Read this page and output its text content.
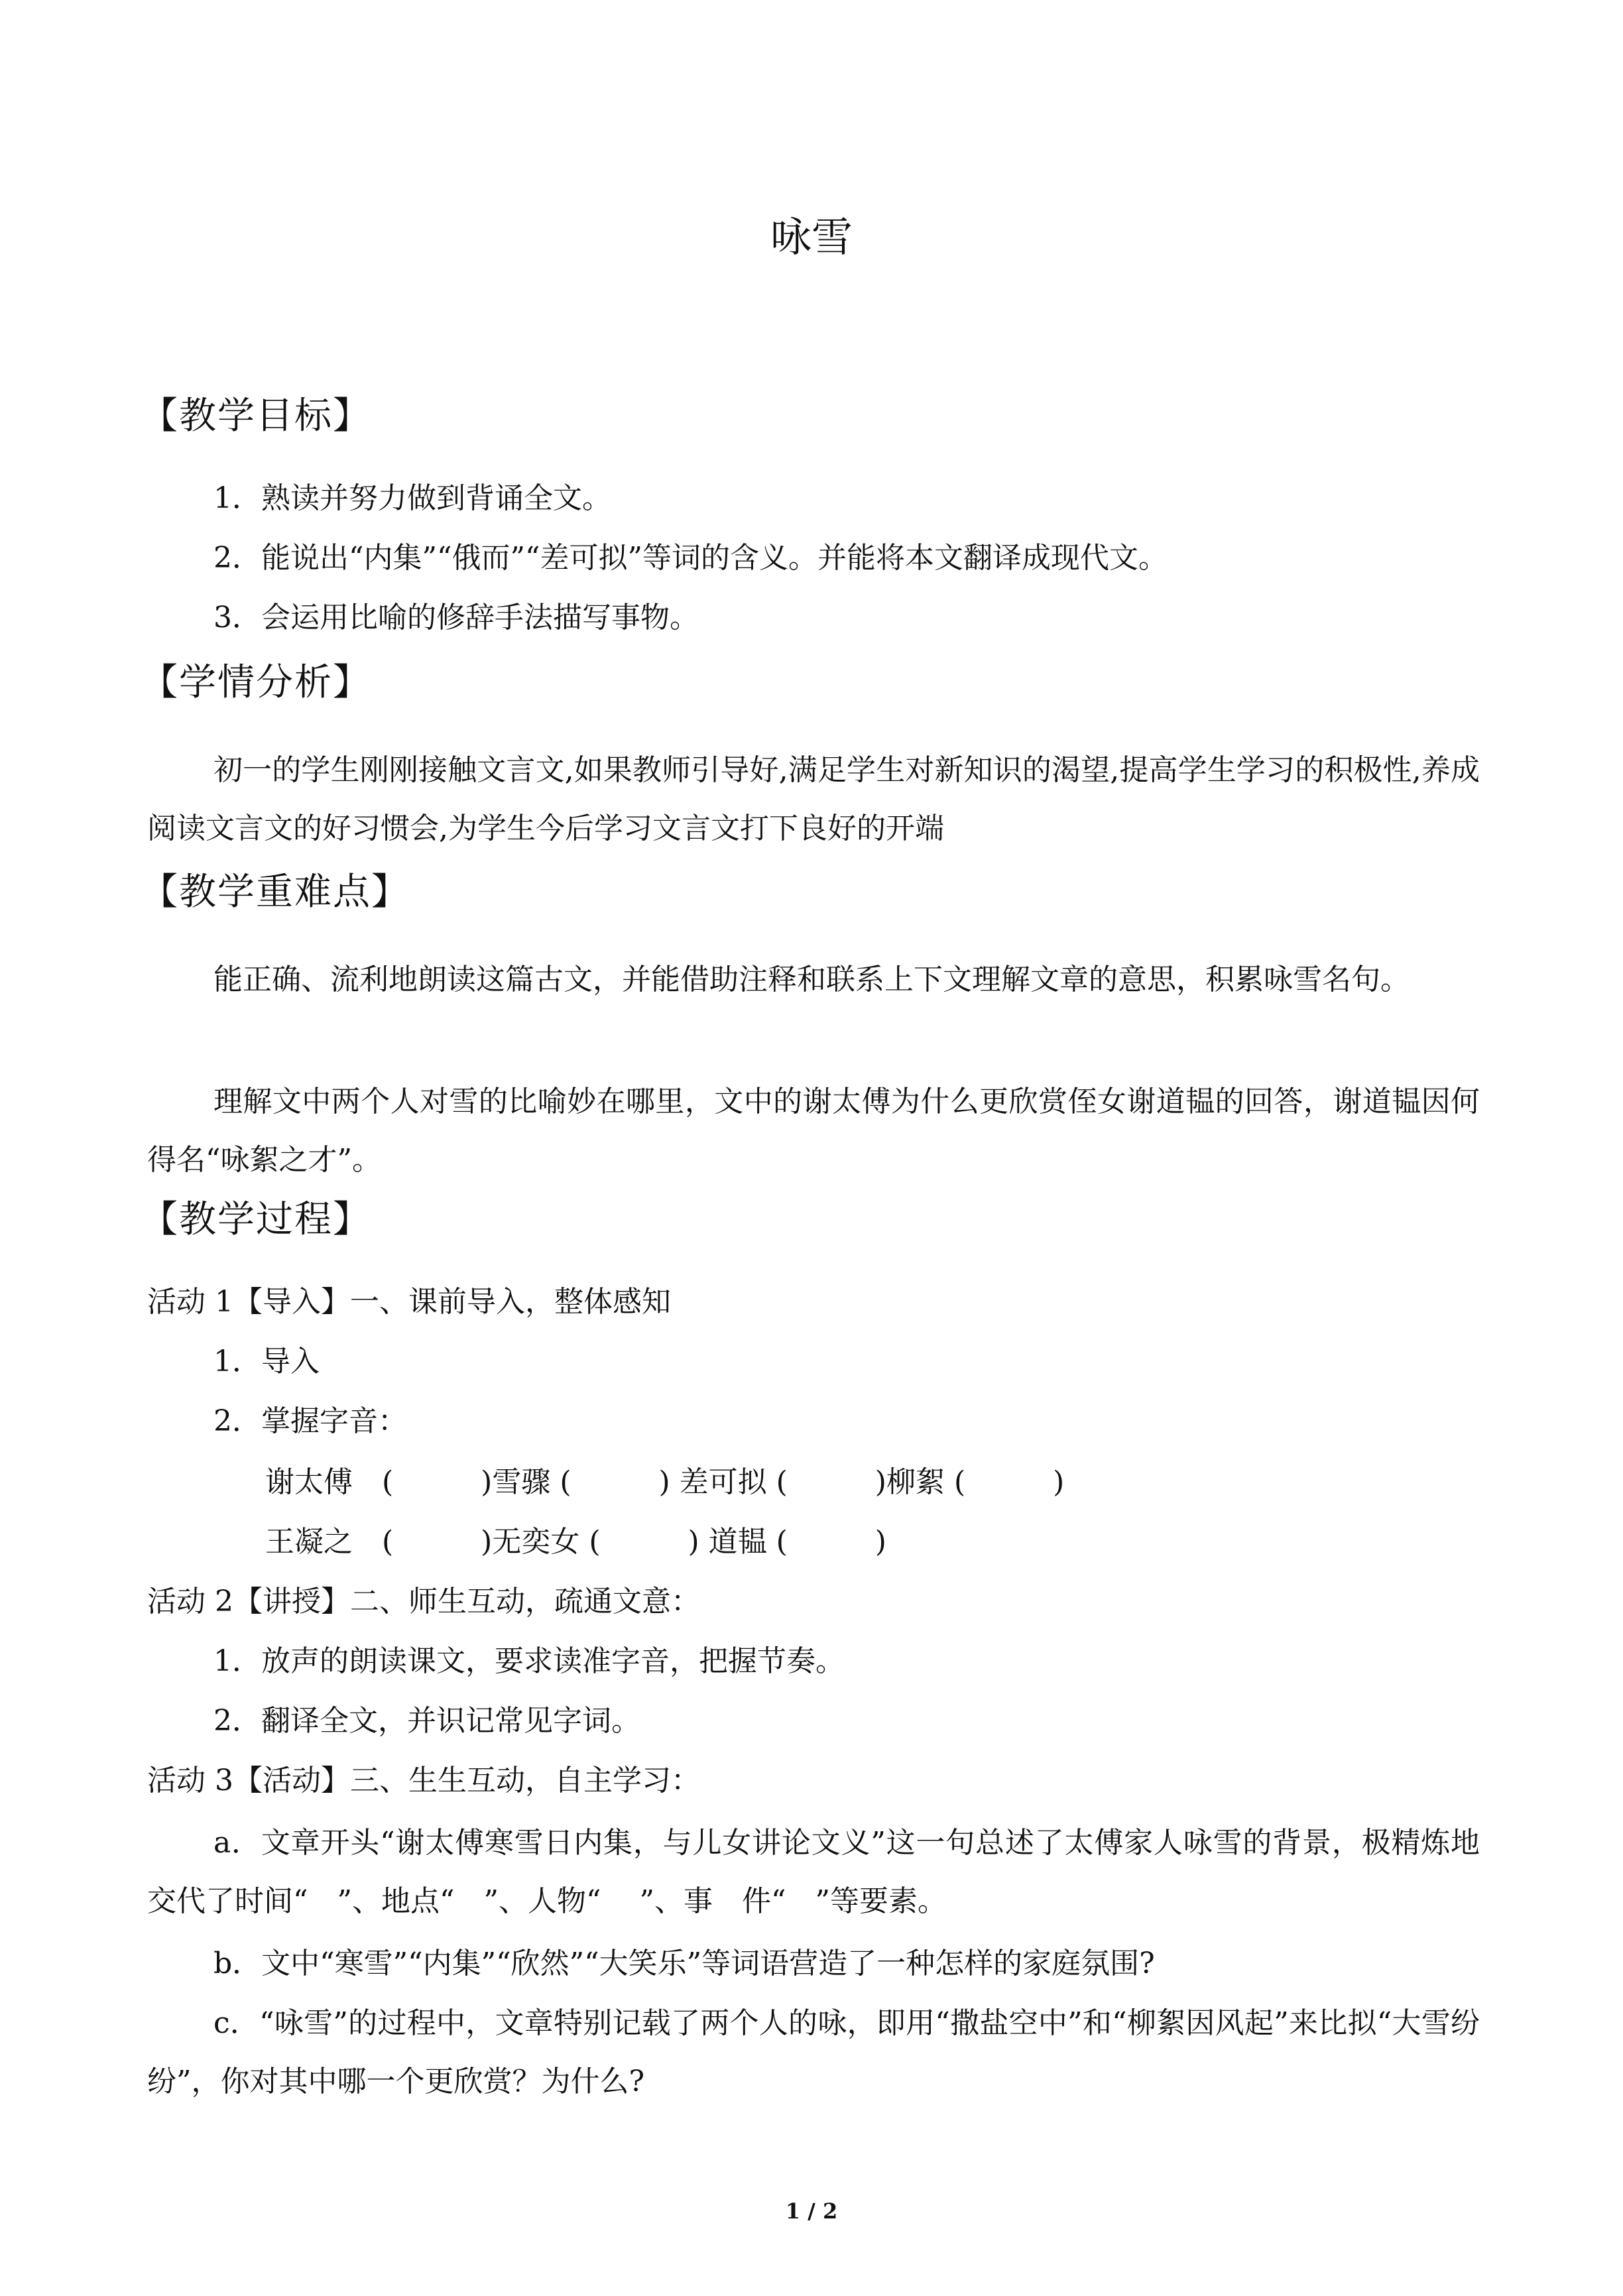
咏雪
【教学目标】
1．熟读并努力做到背诵全文。
2．能说出“内集”“俄而”“差可拟”等词的含义。并能将本文翻译成现代文。
3．会运用比喻的修辞手法描写事物。
【学情分析】
初一的学生刚刚接触文言文,如果教师引导好,满足学生对新知识的渴望,提高学生学习的积极性,养成阅读文言文的好习惯会,为学生今后学习文言文打下良好的开端
【教学重难点】
能正确、流利地朗读这篇古文，并能借助注释和联系上下文理解文章的意思，积累咏雪名句。
理解文中两个人对雪的比喻妙在哪里，文中的谢太傅为什么更欣赏侄女谢道韫的回答，谢道韫因何得名“咏絮之才”。
【教学过程】
活动 1【导入】一、课前导入，整体感知
1．导入
2．掌握字音：
谢太傅　(　　　)雪骤 (　　　) 差可拟 (　　　)柳絮 (　　　)
王凝之　(　　　)无奕女 (　　　) 道韫 (　　　)
活动 2【讲授】二、师生互动，疏通文意：
1．放声的朗读课文，要求读准字音，把握节奏。
2．翻译全文，并识记常见字词。
活动 3【活动】三、生生互动，自主学习：
a．文章开头“谢太傅寒雪日内集，与儿女讲论文义”这一句总述了太傅家人咏雪的背景，极精炼地交代了时间“　”、地点“　”、人物“　 ”、事　件“　”等要素。
b．文中“寒雪”“内集”“欣然”“大笑乐”等词语营造了一种怎样的家庭氛围?
c．“咏雪”的过程中，文章特别记载了两个人的咏，即用“撒盐空中”和“柳絮因风起”来比拟“大雪纷纷”，你对其中哪一个更欣赏？为什么?
1 / 2
